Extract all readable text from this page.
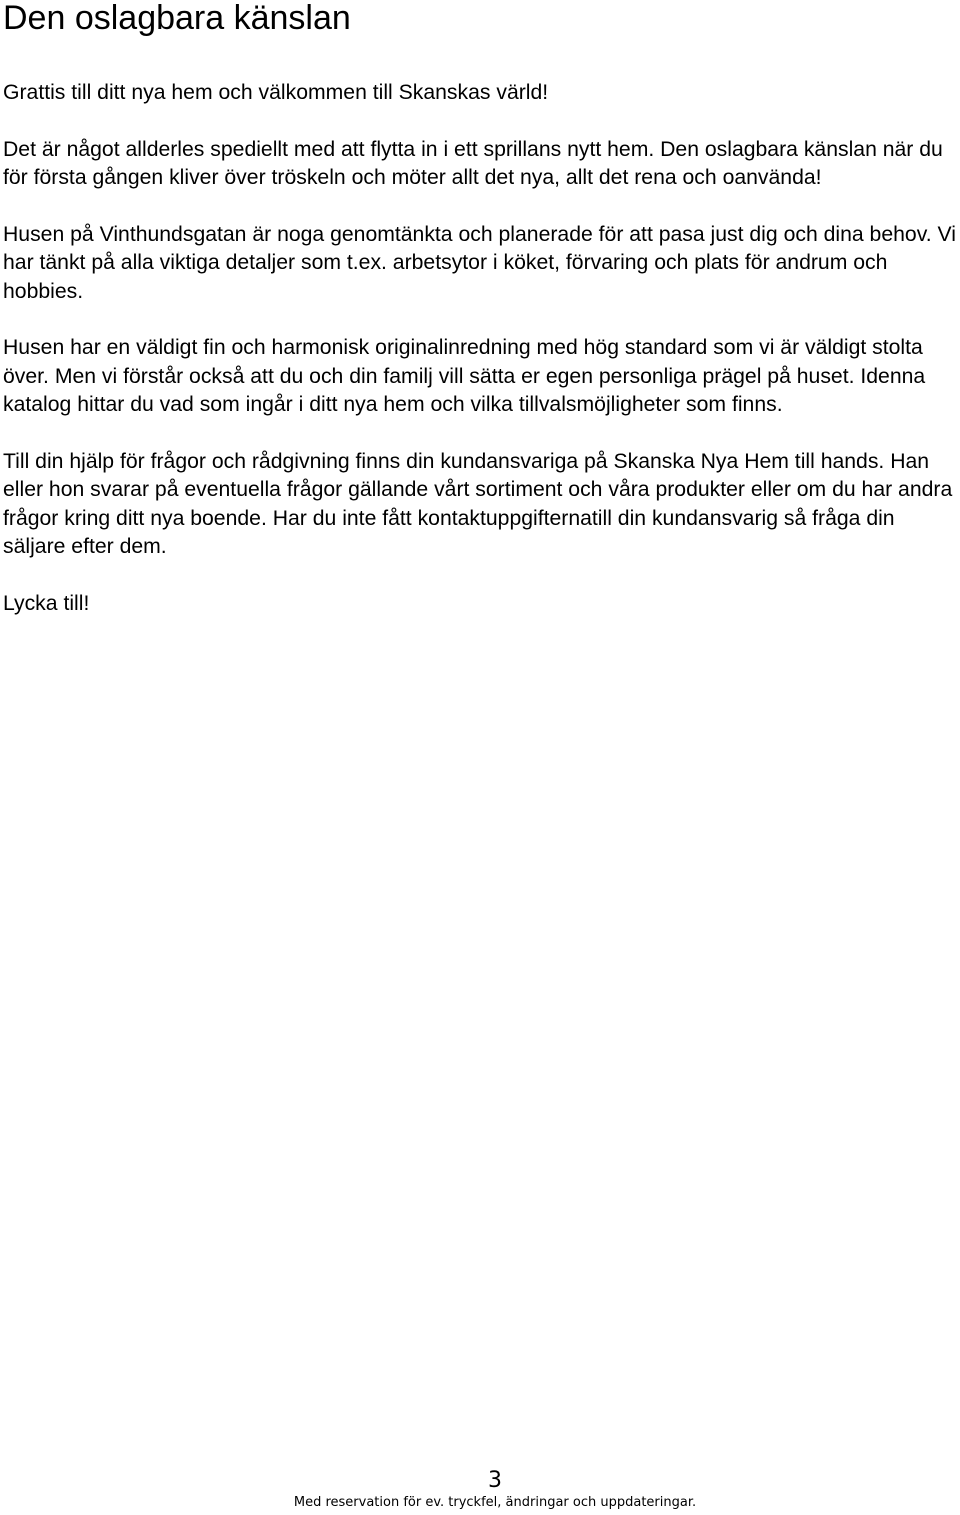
Den oslagbara känslan

Grattis till ditt nya hem och välkommen till Skanskas värld!

Det är något allderles spediellt med att flytta in i ett sprillans nytt hem. Den oslagbara känslan när du för första gången kliver över tröskeln och möter allt det nya, allt det rena och oanvända!

Husen på Vinthundsgatan är noga genomtänkta och planerade för att pasa just dig och dina behov. Vi har tänkt på alla viktiga detaljer som t.ex. arbetsytor i köket, förvaring och plats för andrum och hobbies.

Husen har en väldigt fin och harmonisk originalinredning med hög standard som vi är väldigt stolta över. Men vi förstår också att du och din familj vill sätta er egen personliga prägel på huset. Idenna katalog hittar du vad som ingår i ditt nya hem och vilka tillvalsmöjligheter som finns.

Till din hjälp för frågor och rådgivning finns din kundansvariga på Skanska Nya Hem till hands. Han eller hon svarar på eventuella frågor gällande vårt sortiment och våra produkter eller om du har andra frågor kring ditt nya boende. Har du inte fått kontaktuppgifternatill din kundansvarig så fråga din säljare efter dem.

Lycka till!

3
Med reservation för ev. tryckfel, ändringar och uppdateringar.
